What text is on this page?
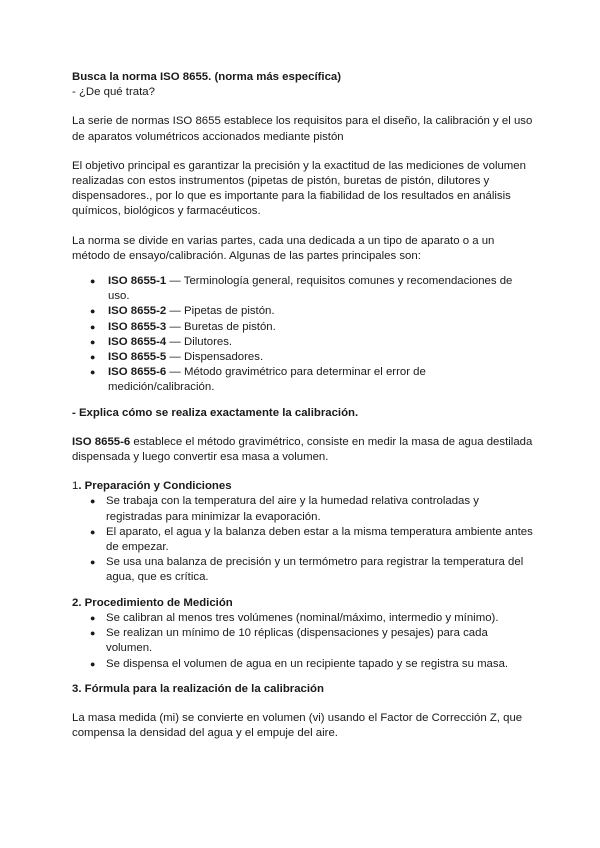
Busca la norma ISO 8655. (norma más específica)

- ¿De qué trata?

La serie de normas ISO 8655 establece los requisitos para el diseño, la calibración y el uso de aparatos volumétricos accionados mediante pistón

El objetivo principal es garantizar la precisión y la exactitud de las mediciones de volumen realizadas con estos instrumentos (pipetas de pistón, buretas de pistón, dilutores y dispensadores., por lo que es importante para la fiabilidad de los resultados en análisis químicos, biológicos y farmacéuticos.

La norma se divide en varias partes, cada una dedicada a un tipo de aparato o a un método de ensayo/calibración. Algunas de las partes principales son:

● ISO 8655-1 — Terminología general, requisitos comunes y recomendaciones de uso.
● ISO 8655-2 — Pipetas de pistón.
● ISO 8655-3 — Buretas de pistón.
● ISO 8655-4 — Dilutores.
● ISO 8655-5 — Dispensadores.
● ISO 8655-6 — Método gravimétrico para determinar el error de medición/calibración.

- Explica cómo se realiza exactamente la calibración.

ISO 8655-6 establece el método gravimétrico, consiste en medir la masa de agua destilada dispensada y luego convertir esa masa a volumen.

1. Preparación y Condiciones

● Se trabaja con la temperatura del aire y la humedad relativa controladas y registradas para minimizar la evaporación.
● El aparato, el agua y la balanza deben estar a la misma temperatura ambiente antes de empezar.
● Se usa una balanza de precisión y un termómetro para registrar la temperatura del agua, que es crítica.

2. Procedimiento de Medición

● Se calibran al menos tres volúmenes (nominal/máximo, intermedio y mínimo).
● Se realizan un mínimo de 10 réplicas (dispensaciones y pesajes) para cada volumen.
● Se dispensa el volumen de agua en un recipiente tapado y se registra su masa.

3. Fórmula para la realización de la calibración

La masa medida (mi) se convierte en volumen (vi) usando el Factor de Corrección Z, que compensa la densidad del agua y el empuje del aire.
